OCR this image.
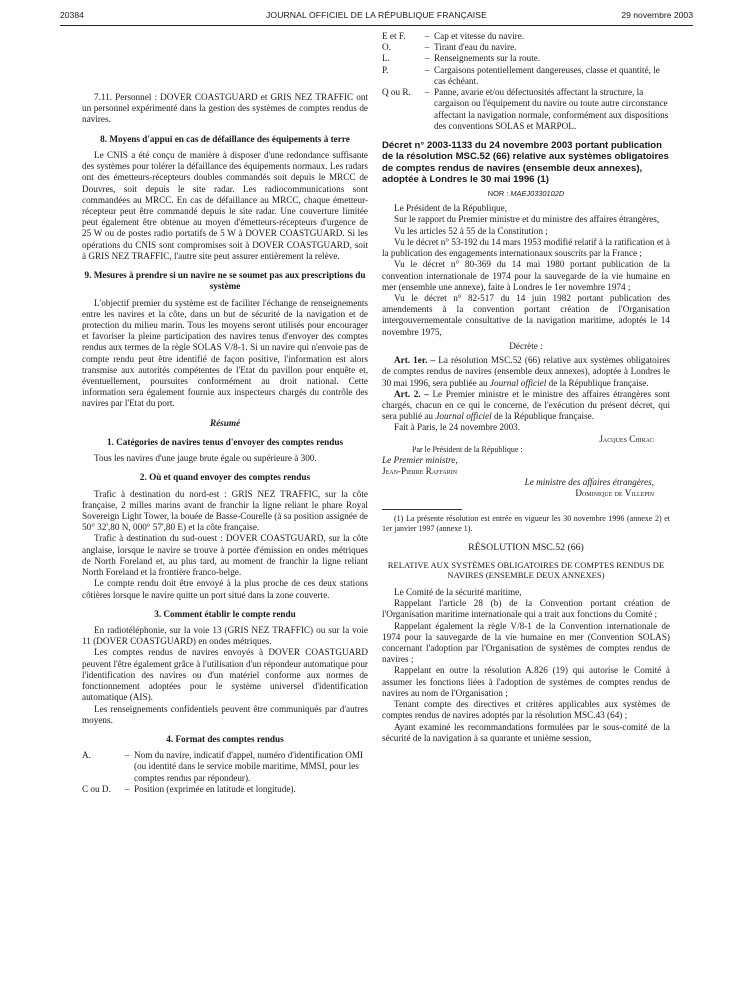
20384	JOURNAL OFFICIEL DE LA RÉPUBLIQUE FRANÇAISE	29 novembre 2003

7.11. Personnel : DOVER COASTGUARD et GRIS NEZ TRAFFIC ont un personnel expérimenté dans la gestion des systèmes de comptes rendus de navires.

8. Moyens d'appui en cas de défaillance des équipements à terre

Le CNIS a été conçu de manière à disposer d'une redondance suffisante des systèmes pour tolérer la défaillance des équipements normaux. Les radars ont des émetteurs-récepteurs doubles commandés soit depuis le MRCC de Douvres, soit depuis le site radar. Les radiocommunications sont commandées au MRCC. En cas de défaillance au MRCC, chaque émetteur-récepteur peut être commandé depuis le site radar. Une couverture limitée peut également être obtenue au moyen d'émetteurs-récepteurs d'urgence de 25 W ou de postes radio portatifs de 5 W à DOVER COASTGUARD. Si les opérations du CNIS sont compromises soit à DOVER COASTGUARD, soit à GRIS NEZ TRAFFIC, l'autre site peut assurer entièrement la relève.

9. Mesures à prendre si un navire ne se soumet pas aux prescriptions du système

L'objectif premier du système est de faciliter l'échange de renseignements entre les navires et la côte, dans un but de sécurité de la navigation et de protection du milieu marin. Tous les moyens seront utilisés pour encourager et favoriser la pleine participation des navires tenus d'envoyer des comptes rendus aux termes de la règle SOLAS V/8-1. Si un navire qui n'envoie pas de compte rendu peut être identifié de façon positive, l'information est alors transmise aux autorités compétentes de l'Etat du pavillon pour enquête et, éventuellement, poursuites conformément au droit national. Cette information sera également fournie aux inspecteurs chargés du contrôle des navires par l'Etat du port.

Résumé
1. Catégories de navires tenus d'envoyer des comptes rendus

Tous les navires d'une jauge brute égale ou supérieure à 300.

2. Où et quand envoyer des comptes rendus

Trafic à destination du nord-est : GRIS NEZ TRAFFIC, sur la côte française, 2 milles marins avant de franchir la ligne reliant le phare Royal Sovereign Light Tower, la bouée de Basse-Courelle (à sa position assignée de 50° 32',80 N, 000° 57',80 E) et la côte française.

Trafic à destination du sud-ouest : DOVER COASTGUARD, sur la côte anglaise, lorsque le navire se trouve à portée d'émission en ondes métriques de North Foreland et, au plus tard, au moment de franchir la ligne reliant North Foreland et la frontière franco-belge.

Le compte rendu doit être envoyé à la plus proche de ces deux stations côtières lorsque le navire quitte un port situé dans la zone couverte.

3. Comment établir le compte rendu

En radiotéléphonie, sur la voie 13 (GRIS NEZ TRAFFIC) ou sur la voie 11 (DOVER COASTGUARD) en ondes métriques.

Les comptes rendus de navires envoyés à DOVER COASTGUARD peuvent l'être également grâce à l'utilisation d'un répondeur automatique pour l'identification des navires ou d'un matériel conforme aux normes de fonctionnement adoptées pour le système universel d'identification automatique (AIS).

Les renseignements confidentiels peuvent être communiqués par d'autres moyens.

4. Format des comptes rendus
A.	– Nom du navire, indicatif d'appel, numéro d'identification OMI (ou identité dans le service mobile maritime, MMSI, pour les comptes rendus par répondeur).
C ou D.	– Position (exprimée en latitude et longitude).
E et F.	– Cap et vitesse du navire.
O.	– Tirant d'eau du navire.
L.	– Renseignements sur la route.
P.	– Cargaisons potentiellement dangereuses, classe et quantité, le cas échéant.
Q ou R.	– Panne, avarie et/ou défectuosités affectant la structure, la cargaison ou l'équipement du navire ou toute autre circonstance affectant la navigation normale, conformément aux dispositions des conventions SOLAS et MARPOL.
Décret n° 2003-1133 du 24 novembre 2003 portant publication de la résolution MSC.52 (66) relative aux systèmes obligatoires de comptes rendus de navires (ensemble deux annexes), adoptée à Londres le 30 mai 1996 (1)
NOR : MAEJ0330102D

Le Président de la République,

Sur le rapport du Premier ministre et du ministre des affaires étrangères,

Vu les articles 52 à 55 de la Constitution ;

Vu le décret n° 53-192 du 14 mars 1953 modifié relatif à la ratification et à la publication des engagements internationaux souscrits par la France ;

Vu le décret n° 80-369 du 14 mai 1980 portant publication de la convention internationale de 1974 pour la sauvegarde de la vie humaine en mer (ensemble une annexe), faite à Londres le 1er novembre 1974 ;

Vu le décret n° 82-517 du 14 juin 1982 portant publication des amendements à la convention portant création de l'Organisation intergouvernementale consultative de la navigation maritime, adoptés le 14 novembre 1975,

Décrète :

Art. 1er. – La résolution MSC.52 (66) relative aux systèmes obligatoires de comptes rendus de navires (ensemble deux annexes), adoptée à Londres le 30 mai 1996, sera publiée au Journal officiel de la République française.

Art. 2. – Le Premier ministre et le ministre des affaires étrangères sont chargés, chacun en ce qui le concerne, de l'exécution du présent décret, qui sera publié au Journal officiel de la République française.

Fait à Paris, le 24 novembre 2003.

Jacques Chirac
Par le Président de la République :
Le Premier ministre,
Jean-Pierre Raffarin
Le ministre des affaires étrangères,
Dominique de Villepin

(1) La présente résolution est entrée en vigueur les 30 novembre 1996 (annexe 2) et 1er janvier 1997 (annexe 1).

RÉSOLUTION MSC.52 (66)
RELATIVE AUX SYSTÈMES OBLIGATOIRES DE COMPTES RENDUS DE NAVIRES (ENSEMBLE DEUX ANNEXES)

Le Comité de la sécurité maritime,

Rappelant l'article 28 (b) de la Convention portant création de l'Organisation maritime internationale qui a trait aux fonctions du Comité ;

Rappelant également la règle V/8-1 de la Convention internationale de 1974 pour la sauvegarde de la vie humaine en mer (Convention SOLAS) concernant l'adoption par l'Organisation de systèmes de comptes rendus de navires ;

Rappelant en outre la résolution A.826 (19) qui autorise le Comité à assumer les fonctions liées à l'adoption de systèmes de comptes rendus de navires au nom de l'Organisation ;

Tenant compte des directives et critères applicables aux systèmes de comptes rendus de navires adoptés par la résolution MSC.43 (64) ;

Ayant examiné les recommandations formulées par le sous-comité de la sécurité de la navigation à sa quarante et unième session,
